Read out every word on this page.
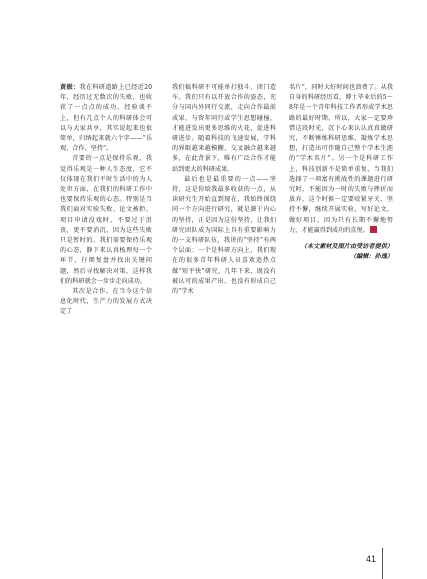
黄振：我在科研道路上已经近20年，经历过无数次的失败，也收获了一点点的成功，经验谈不上，但有几点个人的科研体会可以与大家共享，其实说起来也很简单，归纳起来就六个字——“乐观、合作、坚持”。

首要的一点是保持乐观，我觉得乐观是一种人生态度，它不仅体现在我们平时生活中的为人处世方面，在我们的科研工作中也要保持乐观的心态。特别是当我们面对实验失败、论文被拒、项目申请没戏时，不要过于沮丧，更不要消沉，因为这些失败只是暂时的。我们需要保持乐观的心态，静下来认真梳理每一个环节，仔细复盘并找出关键问题，然后寻找解决对策，这样我们的科研就会一步步走向成功。

其次是合作。在当今这个信息化时代，生产力的发展方式决定了

我们搞科研不可能单打独斗、闭门造车。我们只有以开放合作的姿态，充分与国内外同行交流，走向合作最前成果，与资年同行或学生思想碰撞，才能进发出更多思维的火花，促进科研进步。随着科技的飞速发展，学科的界限越来越模糊，交叉融合越来越多，在此背景下，唯有广泛合作才能站到更大的科研成果。

最后也是最重要的一点——坚持，这是你给我最多收获的一点，从读研究生开始直到现在，我始终围绕同一个方向进行研究，就是源于内心的坚持，正是因为这份坚持，让我们研究团队成为国际上具有重要影响力的一支科研队伍，我讲的“坚持”有两个层面：一个是科研方向上，我们现在的很多青年科研人员喜欢追热点做“短平快”研究，几年下来，既没有被认可的成果产出，也没有形成自己的“学术

名片”，同时大好时间也浪费了。从我自身的科研经历看，博士毕业后的5～8年是一个青年科技工作者形成学术思路的最好时期，所以，大家一定要珍惜这段时光，沉下心来认认真真做研究，不断锤炼科研思维、凝炼学术思想，打造出可伴随自己整个学术生涯的“学术名片”。另一个是科研工作上，科技创新不是简单重复，当我们选择了一项富有挑战性的课题进行研究时，不能因为一时的失败与挫折而放弃，这个时候一定要咬紧牙关、坚持不懈，继续开展实验，写好论文，做好项目，因为只有长期不懈地努力，才能赢得到成功的喜悦。

（本文素材及图片由受访者提供）
（编辑：孙逸）
41
